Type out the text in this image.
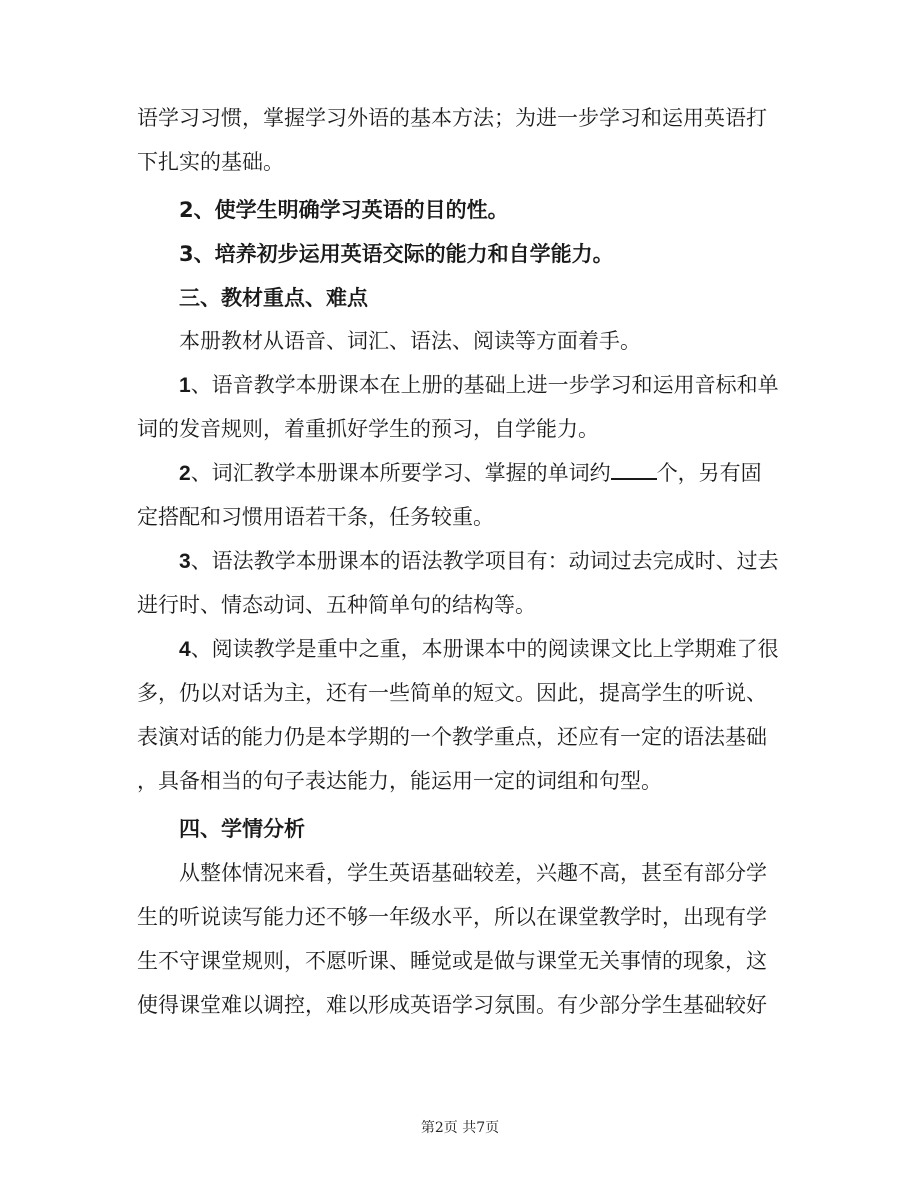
语学习习惯，掌握学习外语的基本方法；为进一步学习和运用英语打
下扎实的基础。
2、使学生明确学习英语的目的性。
3、培养初步运用英语交际的能力和自学能力。
三、教材重点、难点
本册教材从语音、词汇、语法、阅读等方面着手。
1、语音教学本册课本在上册的基础上进一步学习和运用音标和单
词的发音规则，着重抓好学生的预习，自学能力。
2、词汇教学本册课本所要学习、掌握的单词约 个，另有固
定搭配和习惯用语若干条，任务较重。
3、语法教学本册课本的语法教学项目有：动词过去完成时、过去
进行时、情态动词、五种简单句的结构等。
4、阅读教学是重中之重，本册课本中的阅读课文比上学期难了很
多，仍以对话为主，还有一些简单的短文。因此，提高学生的听说、
表演对话的能力仍是本学期的一个教学重点，还应有一定的语法基础
，具备相当的句子表达能力，能运用一定的词组和句型。
四、学情分析
从整体情况来看，学生英语基础较差，兴趣不高，甚至有部分学
生的听说读写能力还不够一年级水平，所以在课堂教学时，出现有学
生不守课堂规则，不愿听课、睡觉或是做与课堂无关事情的现象，这
使得课堂难以调控，难以形成英语学习氛围。有少部分学生基础较好
第2页 共7页
